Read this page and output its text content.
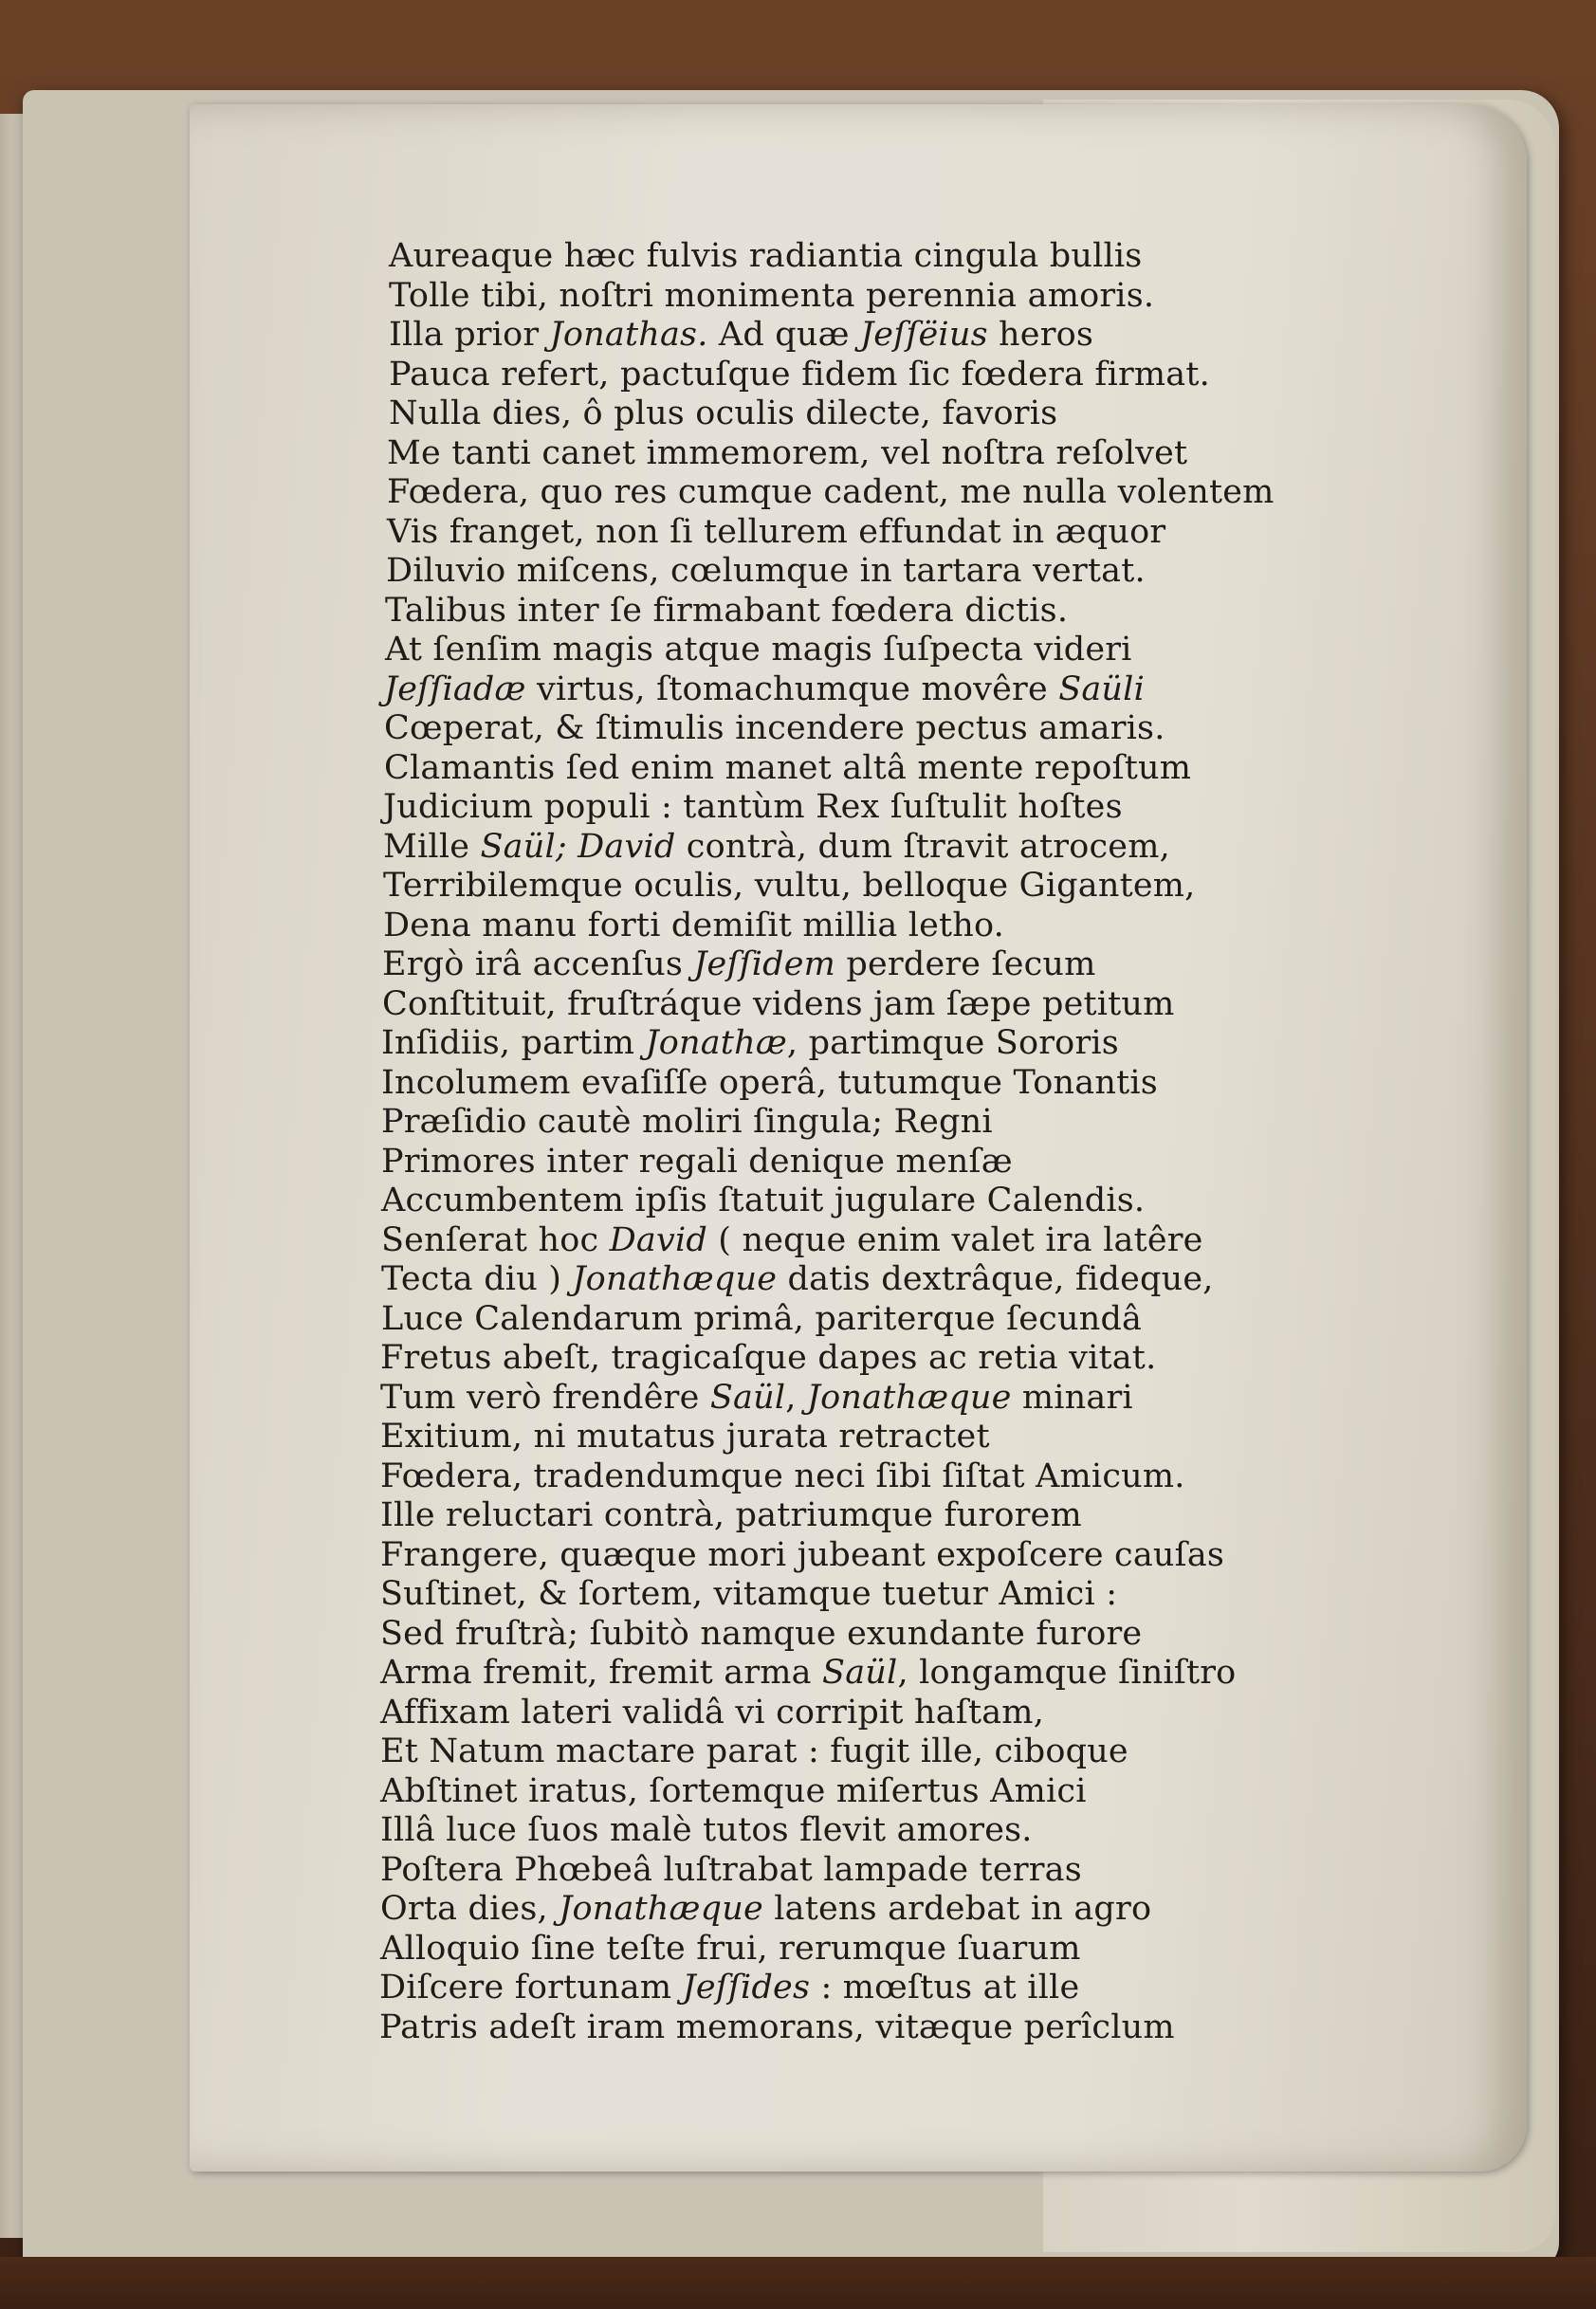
Aureaque hæc fulvis radiantia cingula bullis
Tolle tibi, noſtri monimenta perennia amoris.
Illa prior Jonathas. Ad quæ Jeſſëius heros
Pauca refert, pactuſque fidem ſic fœdera firmat.
Nulla dies, ô plus oculis dilecte, favoris
Me tanti canet immemorem, vel noſtra reſolvet
Fœdera, quo res cumque cadent, me nulla volentem
Vis franget, non ſi tellurem effundat in æquor
Diluvio miſcens, cœlumque in tartara vertat.
Talibus inter ſe firmabant fœdera dictis.
At ſenſim magis atque magis ſuſpecta videri
Jeſſiadæ virtus, ſtomachumque movêre Saüli
Cœperat, & ſtimulis incendere pectus amaris.
Clamantis ſed enim manet altâ mente repoſtum
Judicium populi : tantùm Rex ſuſtulit hoſtes
Mille Saül; David contrà, dum ſtravit atrocem,
Terribilemque oculis, vultu, belloque Gigantem,
Dena manu forti demiſit millia letho.
Ergò irâ accenſus Jeſſidem perdere ſecum
Conſtituit, fruſtráque videns jam ſæpe petitum
Inſidiis, partim Jonathæ, partimque Sororis
Incolumem evaſiſſe operâ, tutumque Tonantis
Præſidio cautè moliri ſingula; Regni
Primores inter regali denique menſæ
Accumbentem ipſis ſtatuit jugulare Calendis.
Senſerat hoc David ( neque enim valet ira latêre
Tecta diu ) Jonathæque datis dextrâque, fideque,
Luce Calendarum primâ, pariterque ſecundâ
Fretus abeſt, tragicaſque dapes ac retia vitat.
Tum verò frendêre Saül, Jonathæque minari
Exitium, ni mutatus jurata retractet
Fœdera, tradendumque neci ſibi ſiſtat Amicum.
Ille reluctari contrà, patriumque furorem
Frangere, quæque mori jubeant expoſcere cauſas
Suſtinet, & ſortem, vitamque tuetur Amici :
Sed fruſtrà; ſubitò namque exundante furore
Arma fremit, fremit arma Saül, longamque ſiniſtro
Affixam lateri validâ vi corripit haſtam,
Et Natum mactare parat : fugit ille, ciboque
Abſtinet iratus, ſortemque miſertus Amici
Illâ luce ſuos malè tutos flevit amores.
Poſtera Phœbeâ luſtrabat lampade terras
Orta dies, Jonathæque latens ardebat in agro
Alloquio ſine teſte frui, rerumque ſuarum
Diſcere fortunam Jeſſides : mœſtus at ille
Patris adeſt iram memorans, vitæque perîclum
